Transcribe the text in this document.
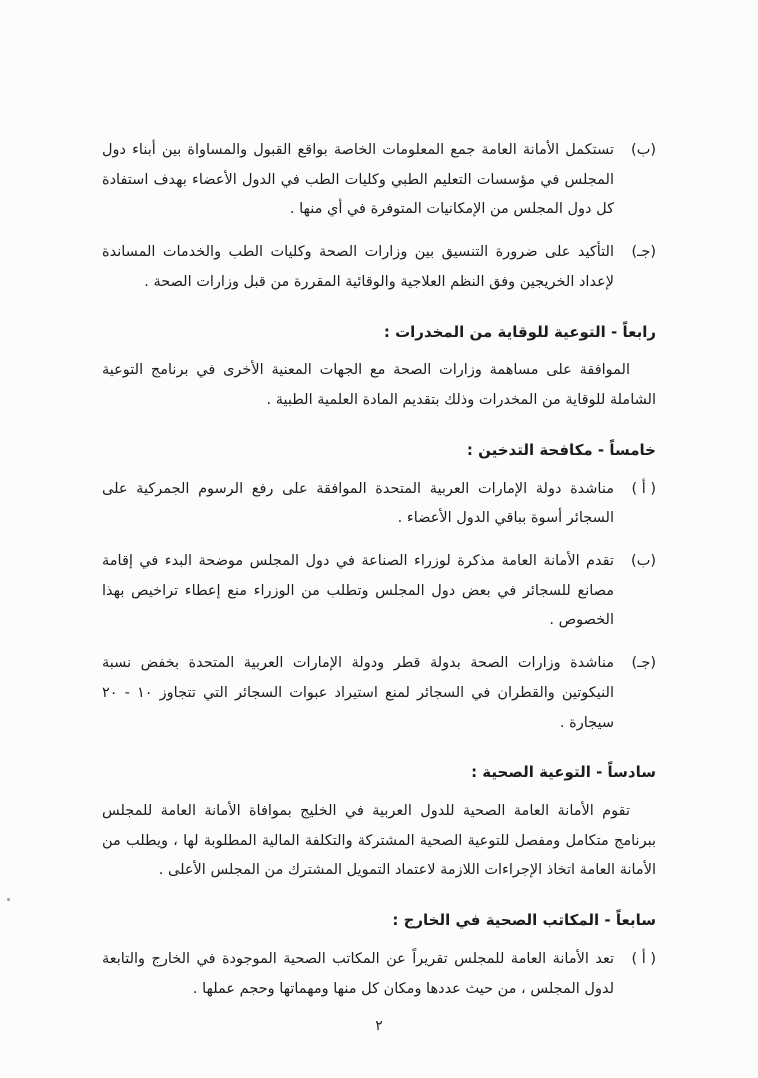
(ب)

تستكمل الأمانة العامة جمع المعلومات الخاصة بواقع القبول والمساواة بين أبناء دول المجلس في مؤسسات التعليم الطبي وكليات الطب في الدول الأعضاء بهدف استفادة كل دول المجلس من الإمكانيات المتوفرة في أي منها .

(جـ)

التأكيد على ضرورة التنسيق بين وزارات الصحة وكليات الطب والخدمات المساندة لإعداد الخريجين وفق النظم العلاجية والوقائية المقررة من قبل وزارات الصحة .

رابعاً - التوعية للوقاية من المخدرات :

الموافقة على مساهمة وزارات الصحة مع الجهات المعنية الأخرى في برنامج التوعية الشاملة للوقاية من المخدرات وذلك بتقديم المادة العلمية الطبية .

خامساً - مكافحة التدخين :
( أ )

مناشدة دولة الإمارات العربية المتحدة الموافقة على رفع الرسوم الجمركية على السجائر أسوة بباقي الدول الأعضاء .

(ب)

تقدم الأمانة العامة مذكرة لوزراء الصناعة في دول المجلس موضحة البدء في إقامة مصانع للسجائر في بعض دول المجلس وتطلب من الوزراء منع إعطاء تراخيص بهذا الخصوص .

(جـ)

مناشدة وزارات الصحة بدولة قطر ودولة الإمارات العربية المتحدة بخفض نسبة النيكوتين والقطران في السجائر لمنع استيراد عبوات السجائر التي تتجاوز ١٠ - ٢٠ سيجارة .

سادساً - التوعية الصحية :

تقوم الأمانة العامة الصحية للدول العربية في الخليج بموافاة الأمانة العامة للمجلس ببرنامج متكامل ومفصل للتوعية الصحية المشتركة والتكلفة المالية المطلوبة لها ، ويطلب من الأمانة العامة اتخاذ الإجراءات اللازمة لاعتماد التمويل المشترك من المجلس الأعلى .

سابعاً - المكاتب الصحية في الخارج :
( أ )

تعد الأمانة العامة للمجلس تقريراً عن المكاتب الصحية الموجودة في الخارج والتابعة لدول المجلس ، من حيث عددها ومكان كل منها ومهماتها وحجم عملها .

٢
